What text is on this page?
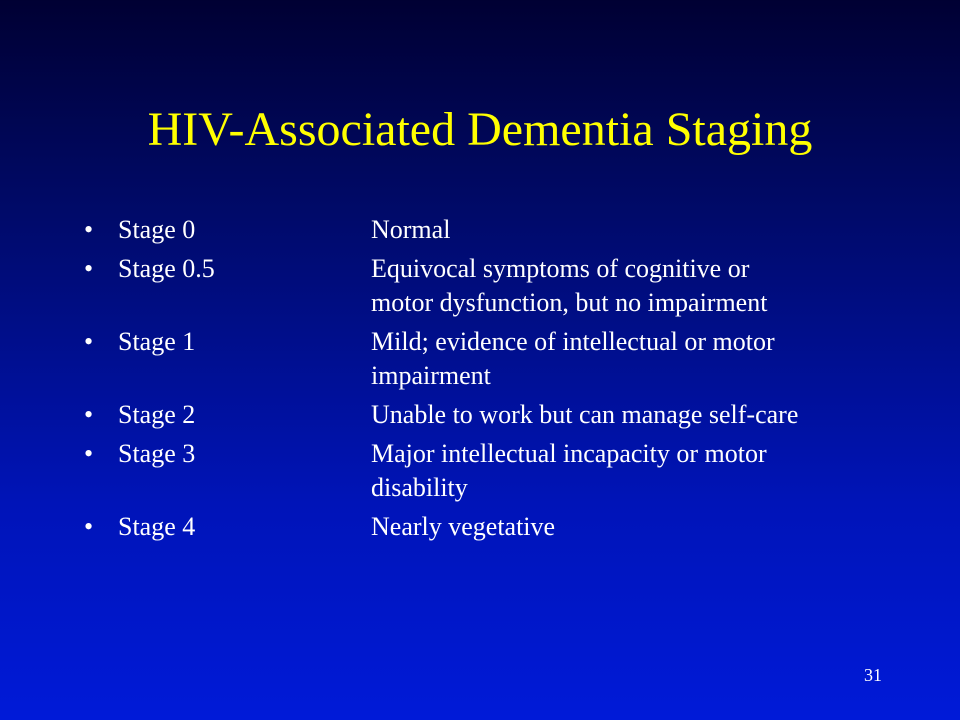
HIV-Associated Dementia Staging
• Stage 0	Normal
• Stage 0.5	Equivocal symptoms of cognitive or motor dysfunction, but no impairment
• Stage 1	Mild; evidence of intellectual or motor impairment
• Stage 2	Unable to work but can manage self-care
• Stage 3	Major intellectual incapacity or motor disability
• Stage 4	Nearly vegetative
31
